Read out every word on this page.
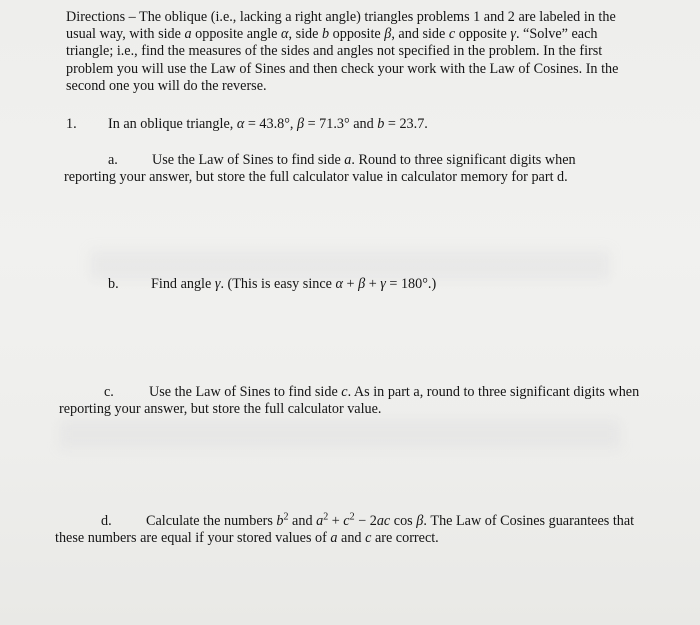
Directions – The oblique (i.e., lacking a right angle) triangles problems 1 and 2 are labeled in the usual way, with side a opposite angle α, side b opposite β, and side c opposite γ. “Solve” each triangle; i.e., find the measures of the sides and angles not specified in the problem. In the first problem you will use the Law of Sines and then check your work with the Law of Cosines. In the second one you will do the reverse.

1. In an oblique triangle, α = 43.8°, β = 71.3° and b = 23.7.
a. Use the Law of Sines to find side a. Round to three significant digits when reporting your answer, but store the full calculator value in calculator memory for part d.
b. Find angle γ. (This is easy since α + β + γ = 180°.)
c. Use the Law of Sines to find side c. As in part a, round to three significant digits when reporting your answer, but store the full calculator value.
d. Calculate the numbers $b^2$ and $a^2 + c^2 - 2ac$ cos β. The Law of Cosines guarantees that these numbers are equal if your stored values of a and c are correct.
